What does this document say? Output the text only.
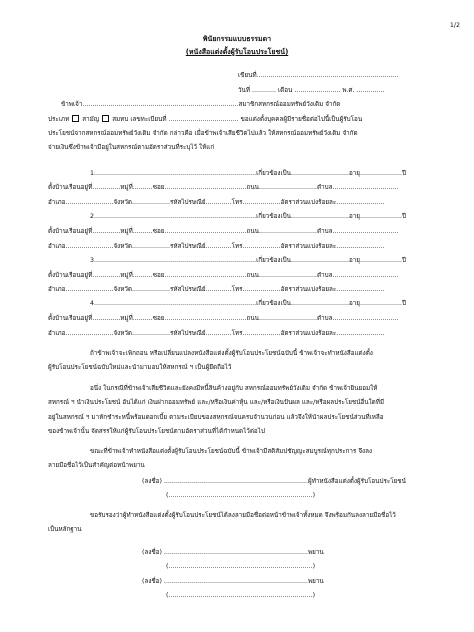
1/2
พินัยกรรมแบบธรรมดา
(หนังสือแต่งตั้งผู้รับโอนประโยชน์)
เขียนที่.......................................................................
วันที่ ............ เดือน ....................... พ.ศ. ..............
ข้าพเจ้า..............................................................................สมาชิกสหกรณ์ออมทรัพย์วังเดิม จำกัด
ประเภท สามัญ สมทบ เลขทะเบียนที่ ................................... ขอแต่งตั้งบุคคลผู้มีรายชื่อต่อไปนี้เป็นผู้รับโอน
ประโยชน์จากสหกรณ์ออมทรัพย์วังเดิม จำกัด กล่าวคือ เมื่อข้าพเจ้าเสียชีวิตไปแล้ว ให้สหกรณ์ออมทรัพย์วังเดิม จำกัด
จ่ายเงินซึ่งข้าพเจ้ามีอยู่ในสหกรณ์ตามอัตราส่วนที่ระบุไว้ ให้แก่
1.................................................................................เกี่ยวข้องเป็น.............................อายุ.....................ปี
ตั้งบ้านเรือนอยู่ที่..............หมู่ที่..........ซอย.........................................ถนน.............................ตำบล.................................
อำเภอ........................จังหวัด...................รหัสไปรษณีย์.............โทร...................อัตราส่วนแบ่งร้อยละ........................
2.................................................................................เกี่ยวข้องเป็น.............................อายุ.....................ปี
ตั้งบ้านเรือนอยู่ที่..............หมู่ที่..........ซอย.........................................ถนน.............................ตำบล.................................
อำเภอ........................จังหวัด...................รหัสไปรษณีย์.............โทร...................อัตราส่วนแบ่งร้อยละ........................
3.................................................................................เกี่ยวข้องเป็น.............................อายุ.....................ปี
ตั้งบ้านเรือนอยู่ที่..............หมู่ที่..........ซอย.........................................ถนน.............................ตำบล.................................
อำเภอ........................จังหวัด...................รหัสไปรษณีย์.............โทร...................อัตราส่วนแบ่งร้อยละ........................
4.................................................................................เกี่ยวข้องเป็น.............................อายุ.....................ปี
ตั้งบ้านเรือนอยู่ที่..............หมู่ที่..........ซอย.........................................ถนน.............................ตำบล.................................
อำเภอ........................จังหวัด...................รหัสไปรษณีย์.............โทร...................อัตราส่วนแบ่งร้อยละ........................
ถ้าข้าพเจ้าจะเพิกถอน หรือเปลี่ยนแปลงหนังสือแต่งตั้งผู้รับโอนประโยชน์ฉบับนี้ ข้าพเจ้าจะทำหนังสือแต่งตั้ง
ผู้รับโอนประโยชน์ฉบับใหม่และนำมามอบให้สหกรณ์ ฯ เป็นผู้ยึดถือไว้
อนึ่ง ในกรณีที่ข้าพเจ้าเสียชีวิตและยังคงมีหนี้สินค้างอยู่กับ สหกรณ์ออมทรัพย์วังเดิม จำกัด ข้าพเจ้ายินยอมให้
สหกรณ์ ฯ นำเงินประโยชน์ อันได้แก่ เงินฝากออมทรัพย์ และ/หรือเงินค่าหุ้น และ/หรือเงินปันผล และ/หรือผลประโยชน์อื่นใดที่มี
อยู่ในสหกรณ์ ฯ มาหักชำระหนี้พร้อมดอกเบี้ย ตามระเบียบของสหกรณ์จนครบจำนวนก่อน แล้วจึงให้นำผลประโยชน์ส่วนที่เหลือ
ของข้าพเจ้านั้น จัดสรรให้แก่ผู้รับโอนประโยชน์ตามอัตราส่วนที่ได้กำหนดไว้ต่อไป
ขณะที่ข้าพเจ้าทำหนังสือแต่งตั้งผู้รับโอนประโยชน์ฉบับนี้ ข้าพเจ้ามีสติสัมปชัญญะสมบูรณ์ทุกประการ จึงลง
ลายมือชื่อไว้เป็นสำคัญต่อหน้าพยาน
(ลงชื่อ) ........................................................................ผู้ทำหนังสือแต่งตั้งผู้รับโอนประโยชน์
(........................................................................)
ขอรับรองว่าผู้ทำหนังสือแต่งตั้งผู้รับโอนประโยชน์ได้ลงลายมือชื่อต่อหน้าข้าพเจ้าทั้งหมด จึงพร้อมกันลงลายมือชื่อไว้
เป็นหลักฐาน
(ลงชื่อ) ........................................................................พยาน
(........................................................................)
(ลงชื่อ) ........................................................................พยาน
(........................................................................)
